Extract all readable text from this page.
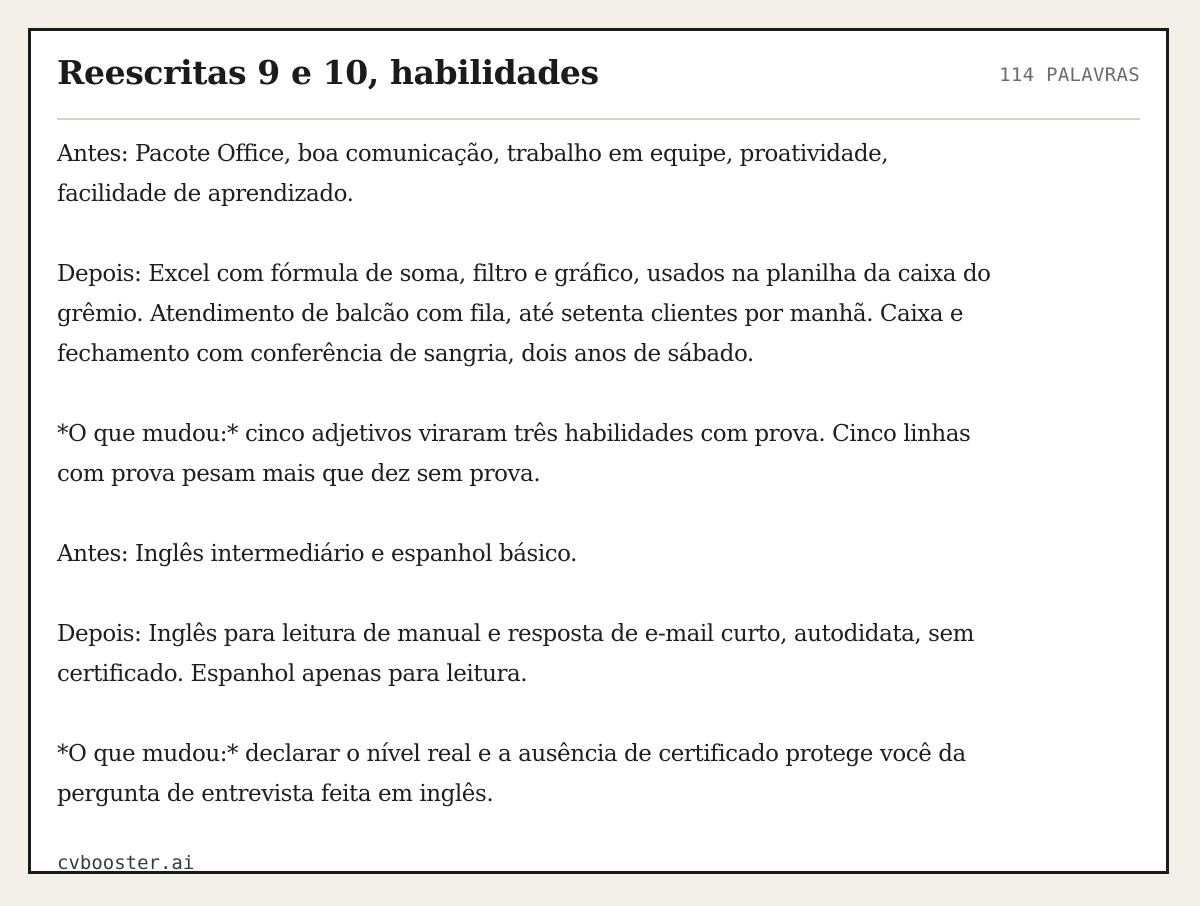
Reescritas 9 e 10, habilidades	114 PALAVRAS

Antes: Pacote Office, boa comunicação, trabalho em equipe, proatividade, facilidade de aprendizado.

Depois: Excel com fórmula de soma, filtro e gráfico, usados na planilha da caixa do grêmio. Atendimento de balcão com fila, até setenta clientes por manhã. Caixa e fechamento com conferência de sangria, dois anos de sábado.

*O que mudou:* cinco adjetivos viraram três habilidades com prova. Cinco linhas com prova pesam mais que dez sem prova.

Antes: Inglês intermediário e espanhol básico.

Depois: Inglês para leitura de manual e resposta de e-mail curto, autodidata, sem certificado. Espanhol apenas para leitura.

*O que mudou:* declarar o nível real e a ausência de certificado protege você da pergunta de entrevista feita em inglês.

cvbooster.ai
